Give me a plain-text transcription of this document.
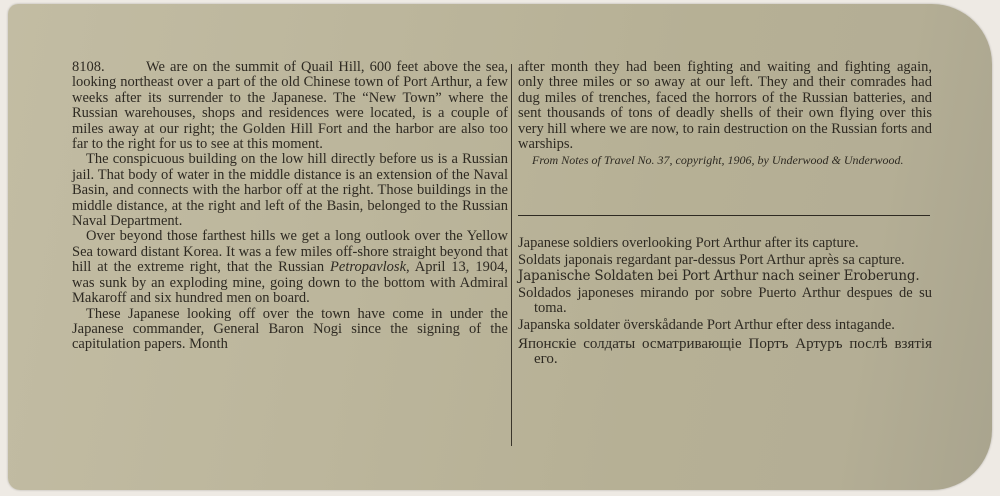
8108.	We are on the summit of Quail Hill, 600 feet above the sea, looking northeast over a part of the old Chinese town of Port Arthur, a few weeks after its surrender to the Japanese. The “New Town” where the Russian warehouses, shops and residences were located, is a couple of miles away at our right; the Golden Hill Fort and the harbor are also too far to the right for us to see at this moment.

The conspicuous building on the low hill directly before us is a Russian jail. That body of water in the middle distance is an extension of the Naval Basin, and connects with the harbor off at the right. Those buildings in the middle distance, at the right and left of the Basin, belonged to the Russian Naval Department.

Over beyond those farthest hills we get a long outlook over the Yellow Sea toward distant Korea. It was a few miles off-shore straight beyond that hill at the extreme right, that the Russian Petropavlosk, April 13, 1904, was sunk by an exploding mine, going down to the bottom with Admiral Makaroff and six hundred men on board.

These Japanese looking off over the town have come in under the Japanese commander, General Baron Nogi since the signing of the capitulation papers. Month

after month they had been fighting and waiting and fighting again, only three miles or so away at our left. They and their comrades had dug miles of trenches, faced the horrors of the Russian batteries, and sent thousands of tons of deadly shells of their own flying over this very hill where we are now, to rain destruction on the Russian forts and warships.

From Notes of Travel No. 37, copyright, 1906, by Underwood & Underwood.

Japanese soldiers overlooking Port Arthur after its capture.

Soldats japonais regardant par-dessus Port Arthur après sa capture.

Japanische Soldaten bei Port Arthur nach seiner Eroberung.

Soldados japoneses mirando por sobre Puerto Arthur despues de su toma.

Japanska soldater överskådande Port Arthur efter dess intagande.

Японскіе солдаты осматривающіе Портъ Артуръ послѣ взятія его.
